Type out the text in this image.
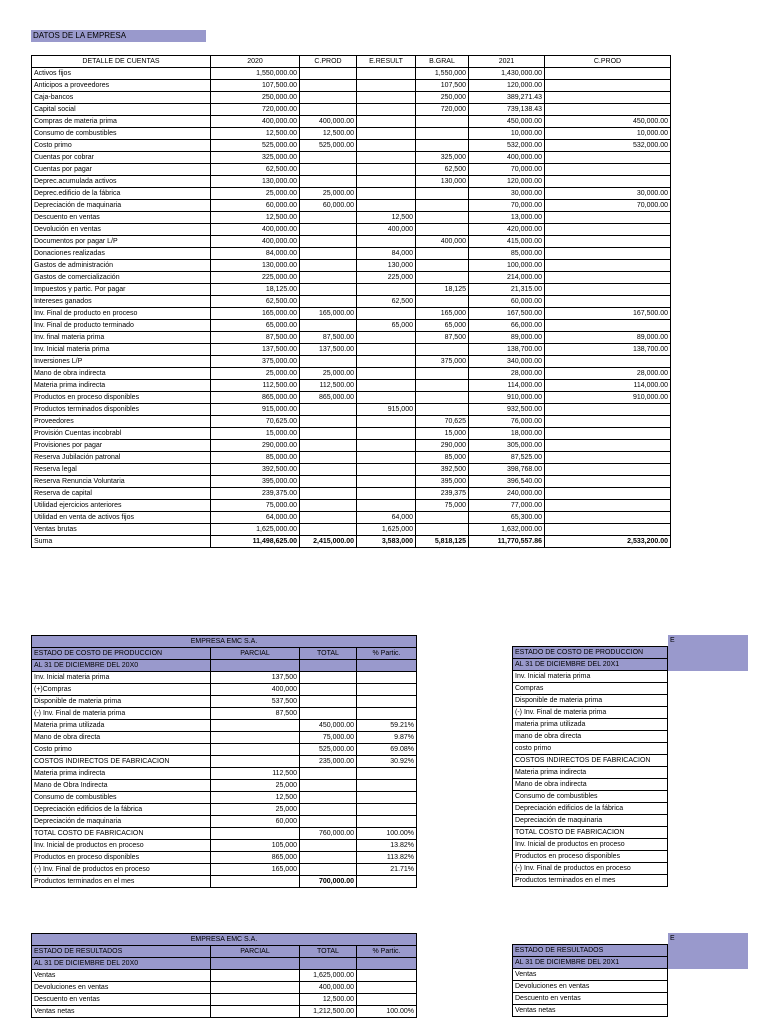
DATOS DE LA EMPRESA
DETALLE DE CUENTAS	2020	C.PROD	E.RESULT	B.GRAL	2021	C.PROD
Activos fijos	1,550,000.00			1,550,000	1,430,000.00	
Anticipos a proveedores	107,500.00			107,500	120,000.00	
Caja-bancos	250,000.00			250,000	389,271.43	
Capital social	720,000.00			720,000	739,138.43	
Compras de materia prima	400,000.00	400,000.00			450,000.00	450,000.00
Consumo de combustibles	12,500.00	12,500.00			10,000.00	10,000.00
Costo primo	525,000.00	525,000.00			532,000.00	532,000.00
Cuentas por cobrar	325,000.00			325,000	400,000.00	
Cuentas por pagar	62,500.00			62,500	70,000.00	
Deprec.acumulada activos	130,000.00			130,000	120,000.00	
Deprec.edificio de la fábrica	25,000.00	25,000.00			30,000.00	30,000.00
Depreciación de maquinaria	60,000.00	60,000.00			70,000.00	70,000.00
Descuento en ventas	12,500.00		12,500		13,000.00	
Devolución en ventas	400,000.00		400,000		420,000.00	
Documentos por pagar L/P	400,000.00			400,000	415,000.00	
Donaciones realizadas	84,000.00		84,000		85,000.00	
Gastos de administración	130,000.00		130,000		100,000.00	
Gastos de comercialización	225,000.00		225,000		214,000.00	
Impuestos y partic. Por pagar	18,125.00			18,125	21,315.00	
Intereses ganados	62,500.00		62,500		60,000.00	
Inv. Final de producto en proceso	165,000.00	165,000.00		165,000	167,500.00	167,500.00
Inv. Final de producto terminado	65,000.00		65,000	65,000	66,000.00	
Inv. final materia prima	87,500.00	87,500.00		87,500	89,000.00	89,000.00
Inv. Inicial materia prima	137,500.00	137,500.00			138,700.00	138,700.00
Inversiones L/P	375,000.00			375,000	340,000.00	
Mano de obra indirecta	25,000.00	25,000.00			28,000.00	28,000.00
Materia prima indirecta	112,500.00	112,500.00			114,000.00	114,000.00
Productos en proceso disponibles	865,000.00	865,000.00			910,000.00	910,000.00
Productos terminados disponibles	915,000.00		915,000		932,500.00	
Proveedores	70,625.00			70,625	76,000.00	
Provisión Cuentas incobrabl	15,000.00			15,000	18,000.00	
Provisiones por pagar	290,000.00			290,000	305,000.00	
Reserva Jubilación patronal	85,000.00			85,000	87,525.00	
Reserva legal	392,500.00			392,500	398,768.00	
Reserva Renuncia Voluntaria	395,000.00			395,000	396,540.00	
Reserva de capital	239,375.00			239,375	240,000.00	
Utilidad ejercicios anteriores	75,000.00			75,000	77,000.00	
Utilidad en venta de activos fijos	64,000.00		64,000		65,300.00	
Ventas brutas	1,625,000.00		1,625,000		1,632,000.00	
Suma	11,498,625.00	2,415,000.00	3,583,000	5,818,125	11,770,557.86	2,533,200.00
EMPRESA EMC S.A.			
ESTADO DE COSTO DE PRODUCCION	PARCIAL	TOTAL	% Partic.
AL 31 DE DICIEMBRE DEL 20X0			
Inv. Inicial materia prima	137,500		
(+)Compras	400,000		
Disponible de materia prima	537,500		
(-) Inv. Final de materia prima	87,500		
Materia prima utilizada		450,000.00	59.21%
Mano de obra directa		75,000.00	9.87%
Costo primo		525,000.00	69.08%
COSTOS INDIRECTOS DE FABRICACION		235,000.00	30.92%
Materia prima indirecta	112,500		
Mano de Obra Indirecta	25,000		
Consumo de combustibles	12,500		
Depreciación edificios de la fábrica	25,000		
Depreciación de maquinaria	60,000		
TOTAL COSTO DE FABRICACION		760,000.00	100.00%
Inv. Inicial de productos en proceso	105,000		13.82%
Productos en proceso disponibles	865,000		113.82%
(-) Inv. Final de productos en proceso	165,000		21.71%
Productos terminados en el mes		700,000.00	
	E
ESTADO DE COSTO DE PRODUCCION	
AL 31 DE DICIEMBRE DEL 20X1	
Inv. Inicial materia prima	
Compras	
Disponible de materia prima	
(-) Inv. Final de materia prima	
materia prima utilizada	
mano de obra directa	
costo primo	
COSTOS INDIRECTOS DE FABRICACION	
Materia prima indirecta	
Mano de obra indirecta	
Consumo de combustibles	
Depreciación edificios de la fábrica	
Depreciación de maquinaria	
TOTAL COSTO DE FABRICACION	
Inv. Inicial de productos en proceso	
Productos en proceso disponibles	
(-) Inv. Final de productos en proceso	
Productos terminados en el mes	
EMPRESA EMC S.A.			
ESTADO DE RESULTADOS	PARCIAL	TOTAL	% Partic.
AL 31 DE DICIEMBRE DEL 20X0			
Ventas		1,625,000.00	
Devoluciones en ventas		400,000.00	
Descuento en ventas		12,500.00	
Ventas netas		1,212,500.00	100.00%
	E
ESTADO DE RESULTADOS	
AL 31 DE DICIEMBRE DEL 20X1	
Ventas	
Devoluciones en ventas	
Descuento en ventas	
Ventas netas	
